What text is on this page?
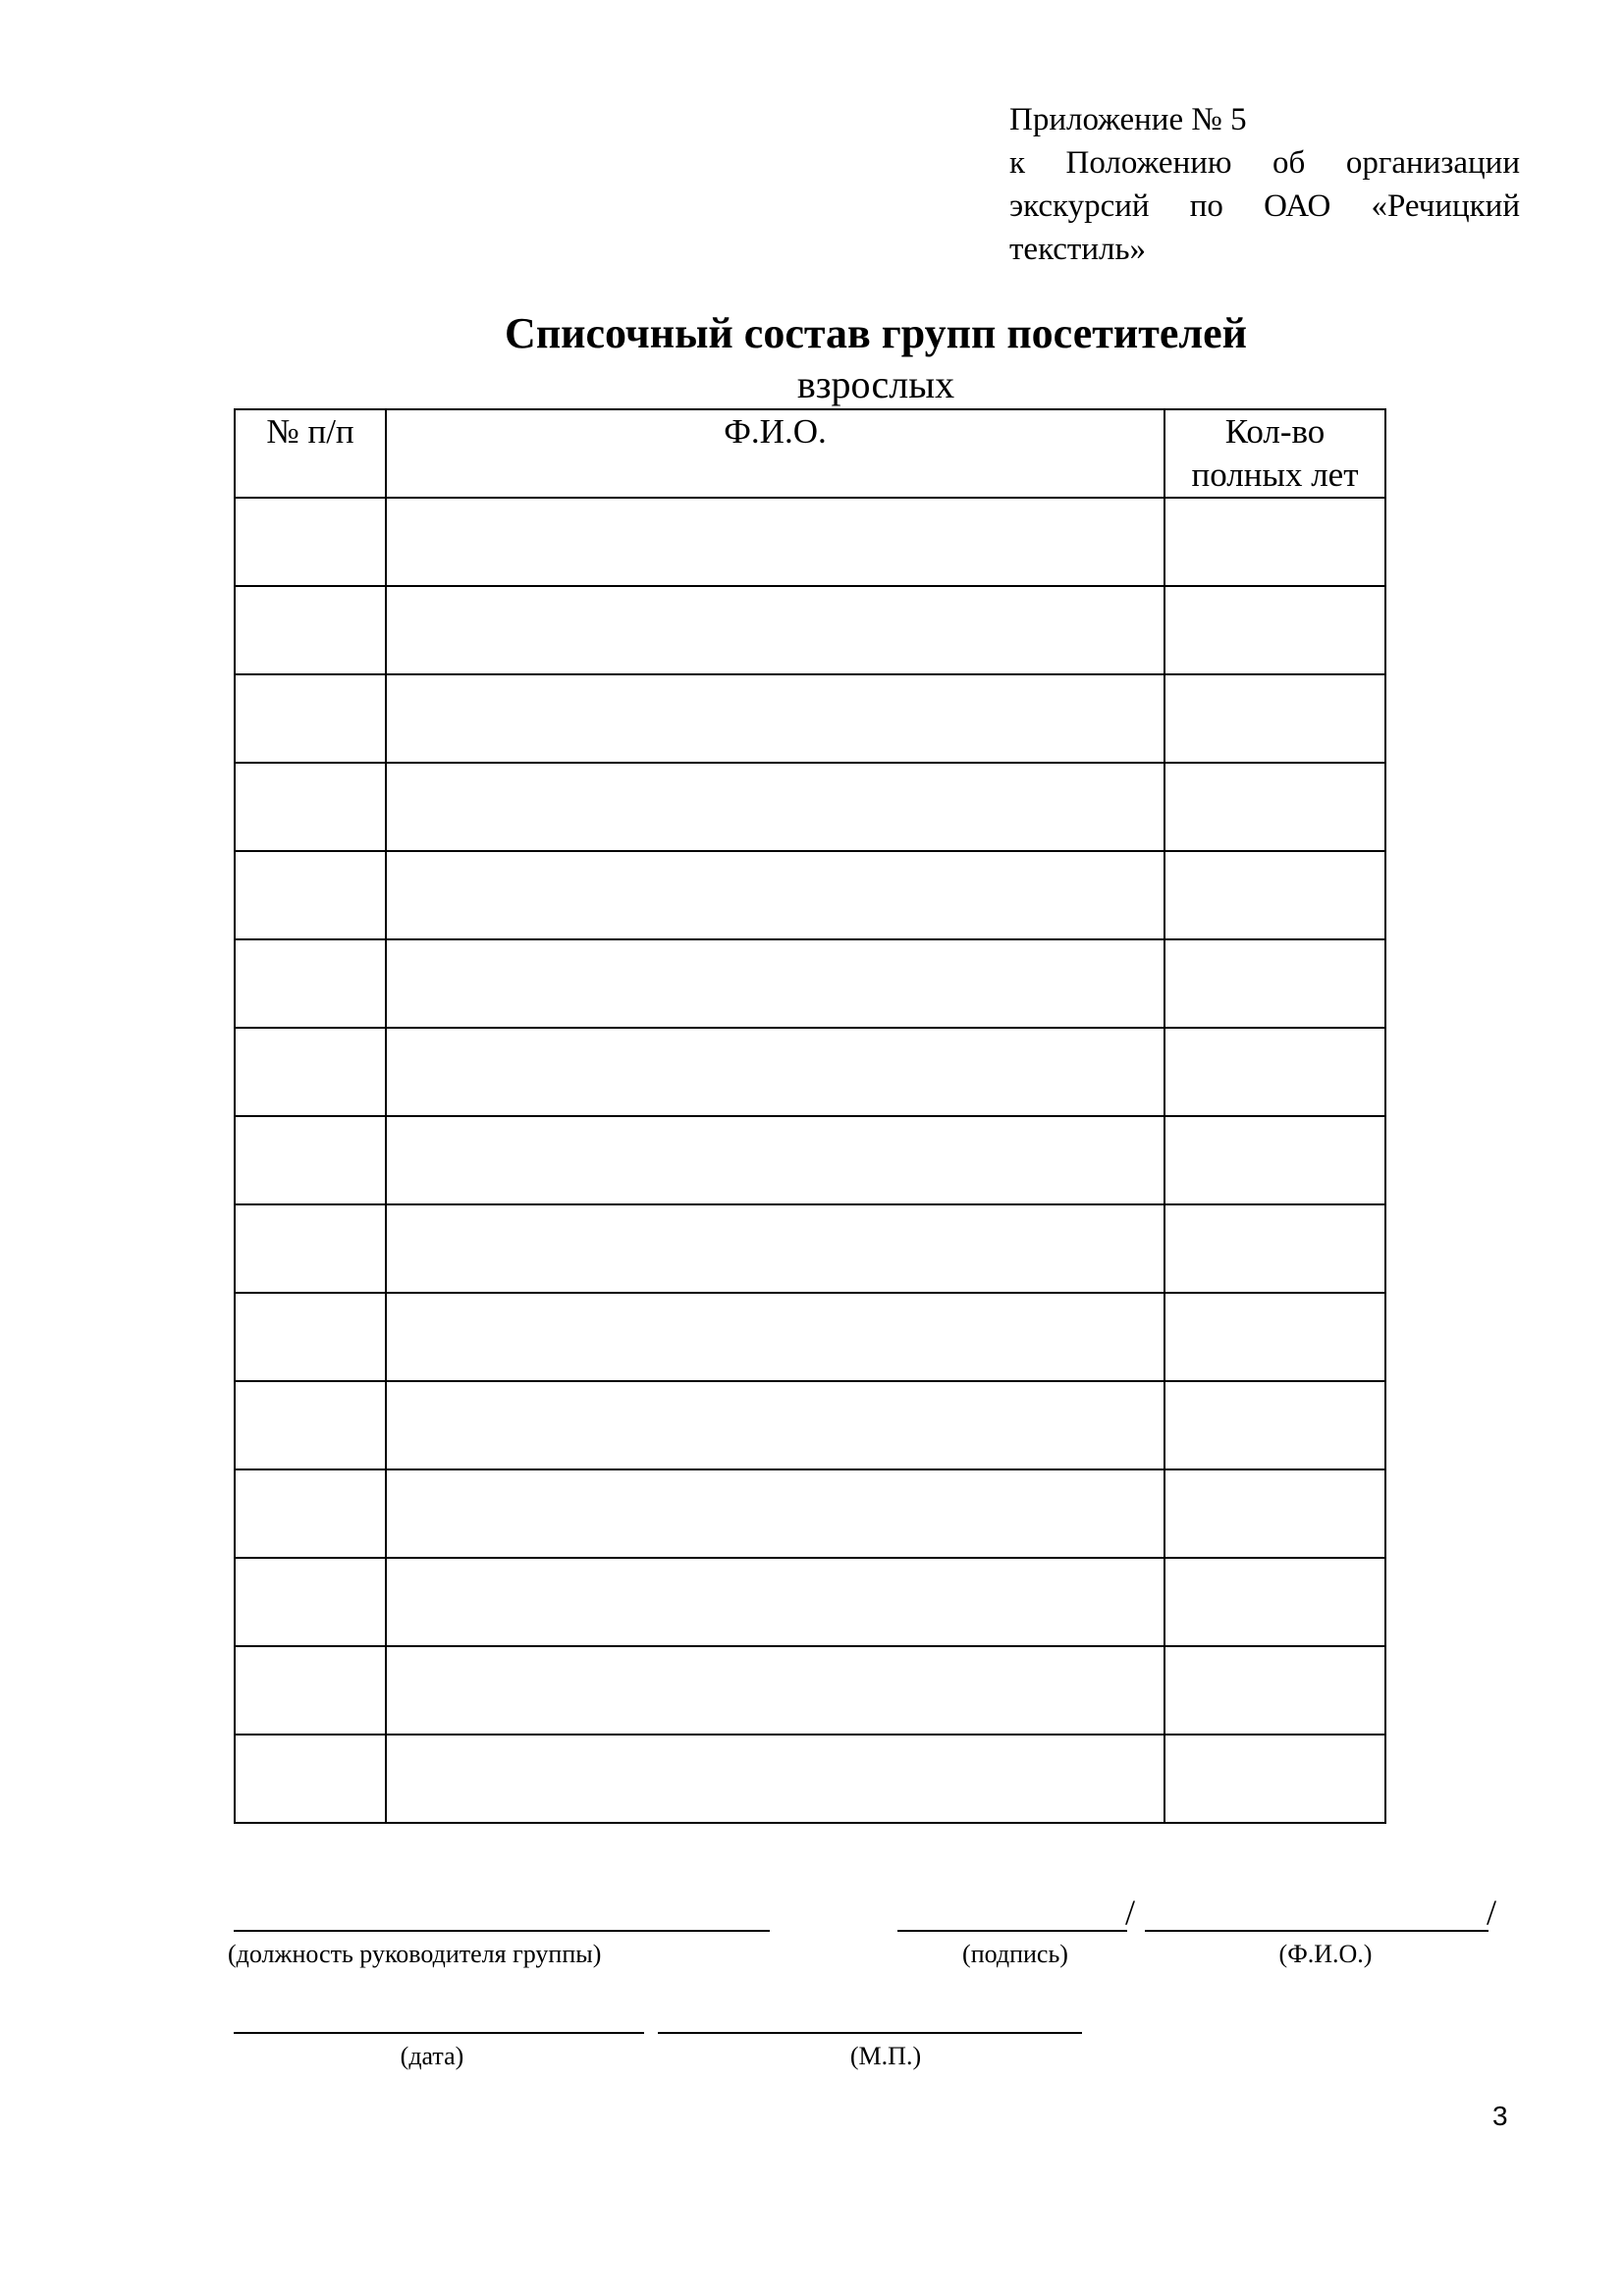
Приложение № 5
к Положению об организации экскурсий по ОАО «Речицкий текстиль»
Списочный состав групп посетителей
взрослых
№ п/п	Ф.И.О.	Кол-во полных лет

(должность руководителя группы)
/
(подпись)
/
(Ф.И.О.)
(дата)	(М.П.)
3
